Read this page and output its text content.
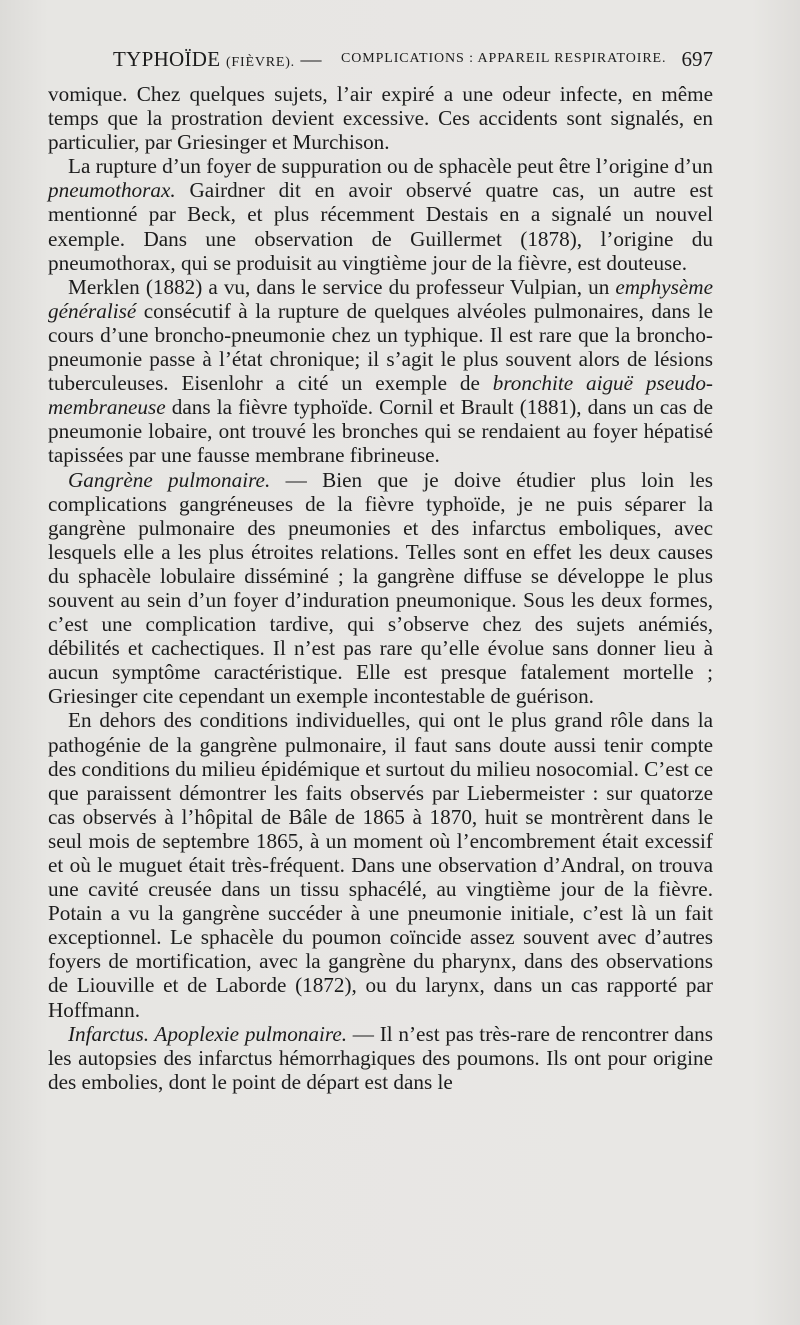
TYPHOÏDE (FIÈVRE). — COMPLICATIONS : APPAREIL RESPIRATOIRE. 697

vomique. Chez quelques sujets, l’air expiré a une odeur infecte, en même temps que la prostration devient excessive. Ces accidents sont signalés, en particulier, par Griesinger et Murchison.

La rupture d’un foyer de suppuration ou de sphacèle peut être l’origine d’un pneumothorax. Gairdner dit en avoir observé quatre cas, un autre est mentionné par Beck, et plus récemment Destais en a signalé un nouvel exemple. Dans une observation de Guillermet (1878), l’origine du pneumothorax, qui se produisit au vingtième jour de la fièvre, est douteuse.

Merklen (1882) a vu, dans le service du professeur Vulpian, un emphysème généralisé consécutif à la rupture de quelques alvéoles pulmonaires, dans le cours d’une broncho-pneumonie chez un typhique. Il est rare que la broncho-pneumonie passe à l’état chronique; il s’agit le plus souvent alors de lésions tuberculeuses. Eisenlohr a cité un exemple de bronchite aiguë pseudo-membraneuse dans la fièvre typhoïde. Cornil et Brault (1881), dans un cas de pneumonie lobaire, ont trouvé les bronches qui se rendaient au foyer hépatisé tapissées par une fausse membrane fibrineuse.

Gangrène pulmonaire. — Bien que je doive étudier plus loin les complications gangréneuses de la fièvre typhoïde, je ne puis séparer la gangrène pulmonaire des pneumonies et des infarctus emboliques, avec lesquels elle a les plus étroites relations. Telles sont en effet les deux causes du sphacèle lobulaire disséminé ; la gangrène diffuse se développe le plus souvent au sein d’un foyer d’induration pneumonique. Sous les deux formes, c’est une complication tardive, qui s’observe chez des sujets anémiés, débilités et cachectiques. Il n’est pas rare qu’elle évolue sans donner lieu à aucun symptôme caractéristique. Elle est presque fatalement mortelle ; Griesinger cite cependant un exemple incontestable de guérison.

En dehors des conditions individuelles, qui ont le plus grand rôle dans la pathogénie de la gangrène pulmonaire, il faut sans doute aussi tenir compte des conditions du milieu épidémique et surtout du milieu nosocomial. C’est ce que paraissent démontrer les faits observés par Liebermeister : sur quatorze cas observés à l’hôpital de Bâle de 1865 à 1870, huit se montrèrent dans le seul mois de septembre 1865, à un moment où l’encombrement était excessif et où le muguet était très-fréquent. Dans une observation d’Andral, on trouva une cavité creusée dans un tissu sphacélé, au vingtième jour de la fièvre. Potain a vu la gangrène succéder à une pneumonie initiale, c’est là un fait exceptionnel. Le sphacèle du poumon coïncide assez souvent avec d’autres foyers de mortification, avec la gangrène du pharynx, dans des observations de Liouville et de Laborde (1872), ou du larynx, dans un cas rapporté par Hoffmann.

Infarctus. Apoplexie pulmonaire. — Il n’est pas très-rare de rencontrer dans les autopsies des infarctus hémorrhagiques des poumons. Ils ont pour origine des embolies, dont le point de départ est dans le
